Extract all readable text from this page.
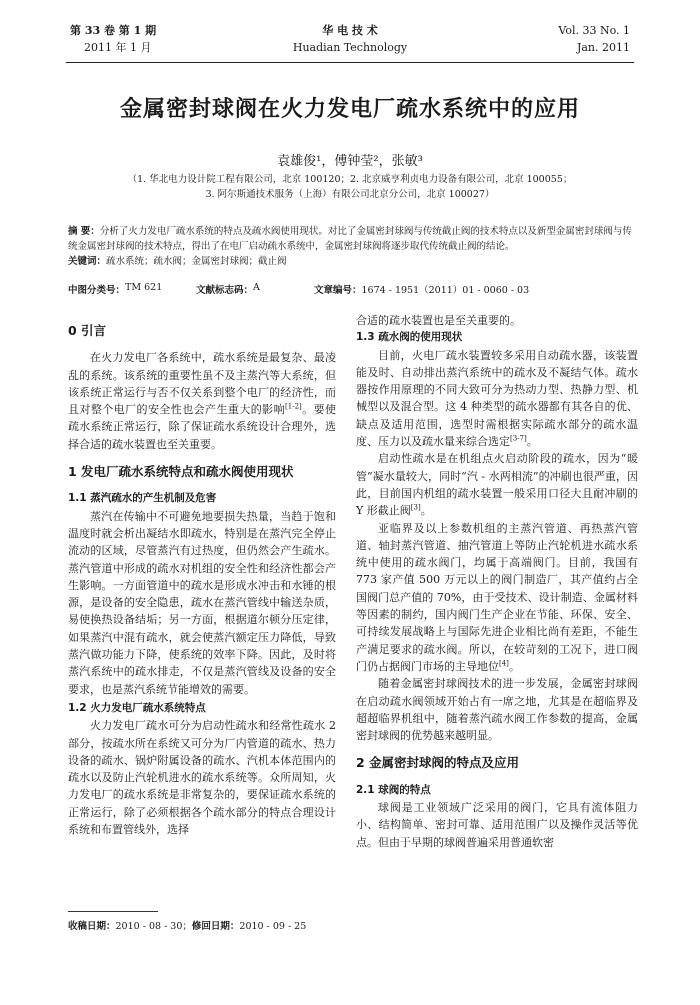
第 33 卷 第 1 期
2011 年 1 月
华 电 技 术
Huadian Technology
Vol. 33 No. 1
Jan. 2011
金属密封球阀在火力发电厂疏水系统中的应用
袁雄俊¹，傅钟莹²，张敏³
（1. 华北电力设计院工程有限公司，北京 100120；2. 北京威亨利贞电力设备有限公司，北京 100055；
3. 阿尔斯通技术服务（上海）有限公司北京分公司，北京 100027）
摘 要：分析了火力发电厂疏水系统的特点及疏水阀使用现状。对比了金属密封球阀与传统截止阀的技术特点以及新型金属密封球阀与传统金属密封球阀的技术特点，得出了在电厂启动疏水系统中，金属密封球阀将逐步取代传统截止阀的结论。
关键词：疏水系统；疏水阀；金属密封球阀；截止阀
中图分类号： TM 621	文献标志码： A	文章编号： 1674 - 1951（2011）01 - 0060 - 03
0 引言

在火力发电厂各系统中，疏水系统是最复杂、最凌乱的系统。该系统的重要性虽不及主蒸汽等大系统，但该系统正常运行与否不仅关系到整个电厂的经济性，而且对整个电厂的安全性也会产生重大的影响[1-2]。要使疏水系统正常运行，除了保证疏水系统设计合理外，选择合适的疏水装置也至关重要。

1 发电厂疏水系统特点和疏水阀使用现状
1.1 蒸汽疏水的产生机制及危害

蒸汽在传输中不可避免地要损失热量，当趋于饱和温度时就会析出凝结水即疏水，特别是在蒸汽完全停止流动的区域，尽管蒸汽有过热度，但仍然会产生疏水。蒸汽管道中形成的疏水对机组的安全性和经济性都会产生影响。一方面管道中的疏水是形成水冲击和水锤的根源，是设备的安全隐患，疏水在蒸汽管线中输送杂质，易使换热设备结垢；另一方面，根据道尔顿分压定律，如果蒸汽中混有疏水，就会使蒸汽额定压力降低，导致蒸汽做功能力下降，使系统的效率下降。因此，及时将蒸汽系统中的疏水排走，不仅是蒸汽管线及设备的安全要求，也是蒸汽系统节能增效的需要。

1.2 火力发电厂疏水系统特点

火力发电厂疏水可分为启动性疏水和经常性疏水 2 部分，按疏水所在系统又可分为厂内管道的疏水、热力设备的疏水、锅炉附属设备的疏水、汽机本体范围内的疏水以及防止汽轮机进水的疏水系统等。众所周知，火力发电厂的疏水系统是非常复杂的，要保证疏水系统的正常运行，除了必须根据各个疏水部分的特点合理设计系统和布置管线外，选择

合适的疏水装置也是至关重要的。

1.3 疏水阀的使用现状

目前，火电厂疏水装置较多采用自动疏水器，该装置能及时、自动排出蒸汽系统中的疏水及不凝结气体。疏水器按作用原理的不同大致可分为热动力型、热静力型、机械型以及混合型。这 4 种类型的疏水器都有其各自的优、缺点及适用范围，选型时需根据实际疏水部分的疏水温度、压力以及疏水量来综合选定[3-7]。

启动性疏水是在机组点火启动阶段的疏水，因为“暖管”凝水量较大，同时“汽 - 水两相流”的冲刷也很严重，因此，目前国内机组的疏水装置一般采用口径大且耐冲刷的 Y 形截止阀[3]。

亚临界及以上参数机组的主蒸汽管道、再热蒸汽管道、轴封蒸汽管道、抽汽管道上等防止汽轮机进水疏水系统中使用的疏水阀门，均属于高端阀门。目前，我国有 773 家产值 500 万元以上的阀门制造厂，其产值约占全国阀门总产值的 70%，由于受技术、设计制造、金属材料等因素的制约，国内阀门生产企业在节能、环保、安全、可持续发展战略上与国际先进企业相比尚有差距，不能生产满足要求的疏水阀。所以，在较苛刻的工况下，进口阀门仍占据阀门市场的主导地位[4]。

随着金属密封球阀技术的进一步发展，金属密封球阀在启动疏水阀领域开始占有一席之地，尤其是在超临界及超超临界机组中，随着蒸汽疏水阀工作参数的提高，金属密封球阀的优势越来越明显。

2 金属密封球阀的特点及应用
2.1 球阀的特点

球阀是工业领域广泛采用的阀门，它具有流体阻力小、结构简单、密封可靠、适用范围广以及操作灵活等优点。但由于早期的球阀普遍采用普通软密

收稿日期：2010 - 08 - 30；修回日期：2010 - 09 - 25
